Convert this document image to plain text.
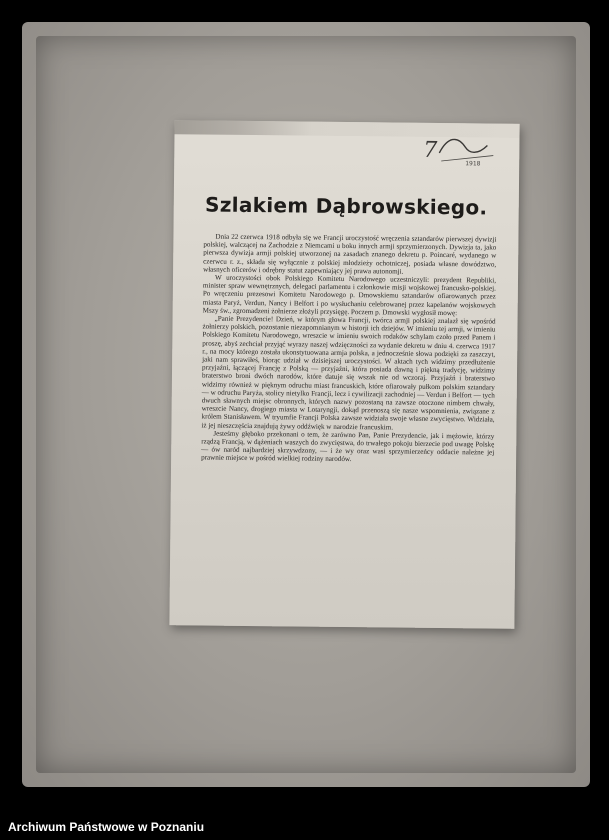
7
1918
Szlakiem Dąbrowskiego.

Dnia 22 czerwca 1918 odbyła się we Francji uroczystość wręczenia sztandarów pierwszej dywizji polskiej, walczącej na Zachodzie z Niemcami u boku innych armji sprzymierzonych. Dywizja ta, jako pierwsza dywizja armji polskiej utworzonej na zasadach znanego dekretu p. Poincaré, wydanego w czerwcu r. z., składa się wyłącznie z polskiej młodzieży ochotniczej, posiada własne dowództwo, własnych oficerów i odrębny statut zapewniający jej prawa autonomji.

W uroczystości obok Polskiego Komitetu Narodowego uczestniczyli: prezydent Republiki, minister spraw wewnętrznych, delegaci parlamentu i członkowie misji wojskowej francusko-polskiej. Po wręczeniu prezesowi Komitetu Narodowego p. Dmowskiemu sztandarów ofiarowanych przez miasta Paryż, Verdun, Nancy i Belfort i po wysłuchaniu celebrowanej przez kapelanów wojskowych Mszy św., zgromadzeni żołnierze złożyli przysięgę. Poczem p. Dmowski wygłosił mowę:

„Panie Prezydencie! Dzień, w którym głowa Francji, twórca armji polskiej znalazł się wpośród żołnierzy polskich, pozostanie niezapomnianym w historji ich dziejów. W imieniu tej armji, w imieniu Polskiego Komitetu Narodowego, wreszcie w imieniu swoich rodaków schylam czoło przed Panem i proszę, abyś zechciał przyjąć wyrazy naszej wdzięczności za wydanie dekretu w dniu 4. czerwca 1917 r., na mocy którego została ukonstytuowana armja polska, a jednocześnie słowa podzięki za zaszczyt, jaki nam sprawiłeś, biorąc udział w dzisiejszej uroczystości. W aktach tych widzimy przedłużenie przyjaźni, łączącej Francję z Polską — przyjaźni, która posiada dawną i piękną tradycję, widzimy braterstwo broni dwóch narodów, które datuje się wszak nie od wczoraj. Przyjaźń i braterstwo widzimy również w pięknym odruchu miast francuskich, które ofiarowały pułkom polskim sztandary — w odruchu Paryża, stolicy nietylko Francji, lecz i cywilizacji zachodniej — Verdun i Belfort — tych dwuch sławnych miejsc obronnych, których nazwy pozostaną na zawsze otoczone nimbem chwały, wreszcie Nancy, drogiego miasta w Lotaryngji, dokąd przenoszą się nasze wspomnienia, związane z królem Stanisławem. W tryumfie Francji Polska zawsze widziała swoje własne zwycięstwo. Widziała, iż jej nieszczęścia znajdują żywy oddźwięk w narodzie francuskim.

Jesteśmy głęboko przekonani o tem, że zarówno Pan, Panie Prezydencie, jak i mężowie, którzy rządzą Francją, w dążeniach waszych do zwycięstwa, do trwałego pokoju bierzecie pod uwagę Polskę — ów naród najbardziej skrzywdzony, — i że wy oraz wasi sprzymierzeńcy oddacie należne jej prawnie miejsce w pośród wielkiej rodziny narodów.

Archiwum Państwowe w Poznaniu
